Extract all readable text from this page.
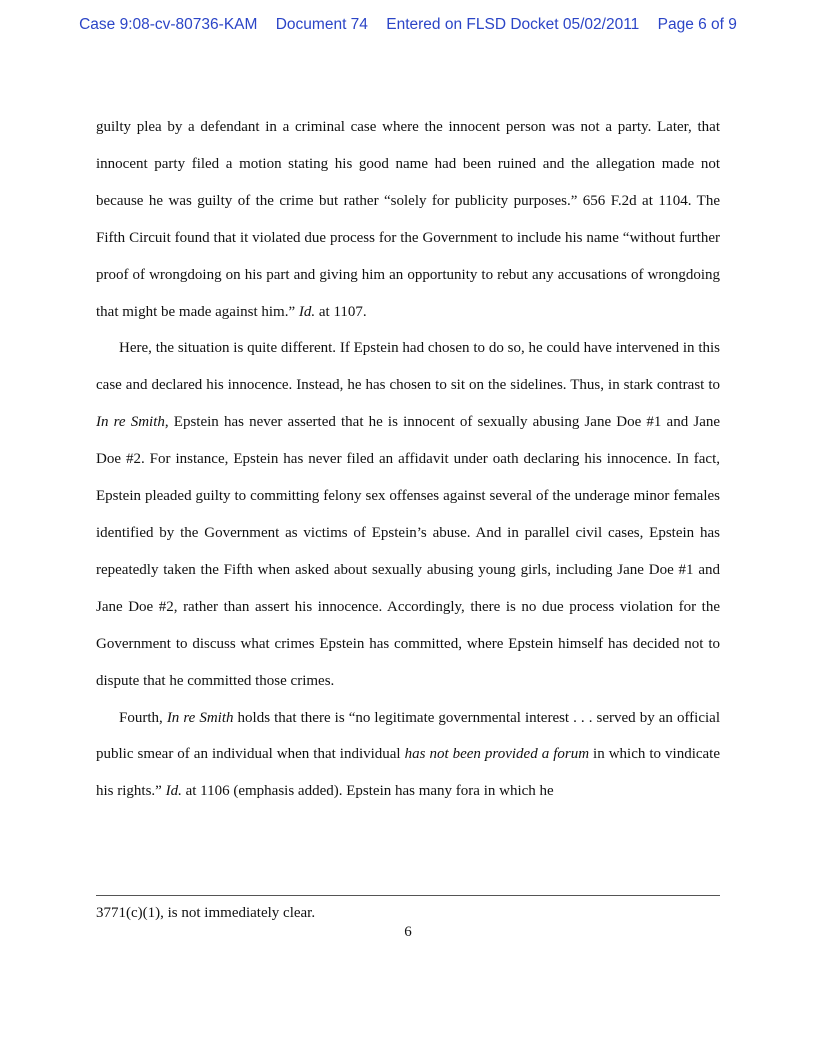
Case 9:08-cv-80736-KAM Document 74 Entered on FLSD Docket 05/02/2011 Page 6 of 9

guilty plea by a defendant in a criminal case where the innocent person was not a party. Later, that innocent party filed a motion stating his good name had been ruined and the allegation made not because he was guilty of the crime but rather “solely for publicity purposes.” 656 F.2d at 1104. The Fifth Circuit found that it violated due process for the Government to include his name “without further proof of wrongdoing on his part and giving him an opportunity to rebut any accusations of wrongdoing that might be made against him.” Id. at 1107.

Here, the situation is quite different. If Epstein had chosen to do so, he could have intervened in this case and declared his innocence. Instead, he has chosen to sit on the sidelines. Thus, in stark contrast to In re Smith, Epstein has never asserted that he is innocent of sexually abusing Jane Doe #1 and Jane Doe #2. For instance, Epstein has never filed an affidavit under oath declaring his innocence. In fact, Epstein pleaded guilty to committing felony sex offenses against several of the underage minor females identified by the Government as victims of Epstein’s abuse. And in parallel civil cases, Epstein has repeatedly taken the Fifth when asked about sexually abusing young girls, including Jane Doe #1 and Jane Doe #2, rather than assert his innocence. Accordingly, there is no due process violation for the Government to discuss what crimes Epstein has committed, where Epstein himself has decided not to dispute that he committed those crimes.

Fourth, In re Smith holds that there is “no legitimate governmental interest . . . served by an official public smear of an individual when that individual has not been provided a forum in which to vindicate his rights.” Id. at 1106 (emphasis added). Epstein has many fora in which he

3771(c)(1), is not immediately clear.
6
